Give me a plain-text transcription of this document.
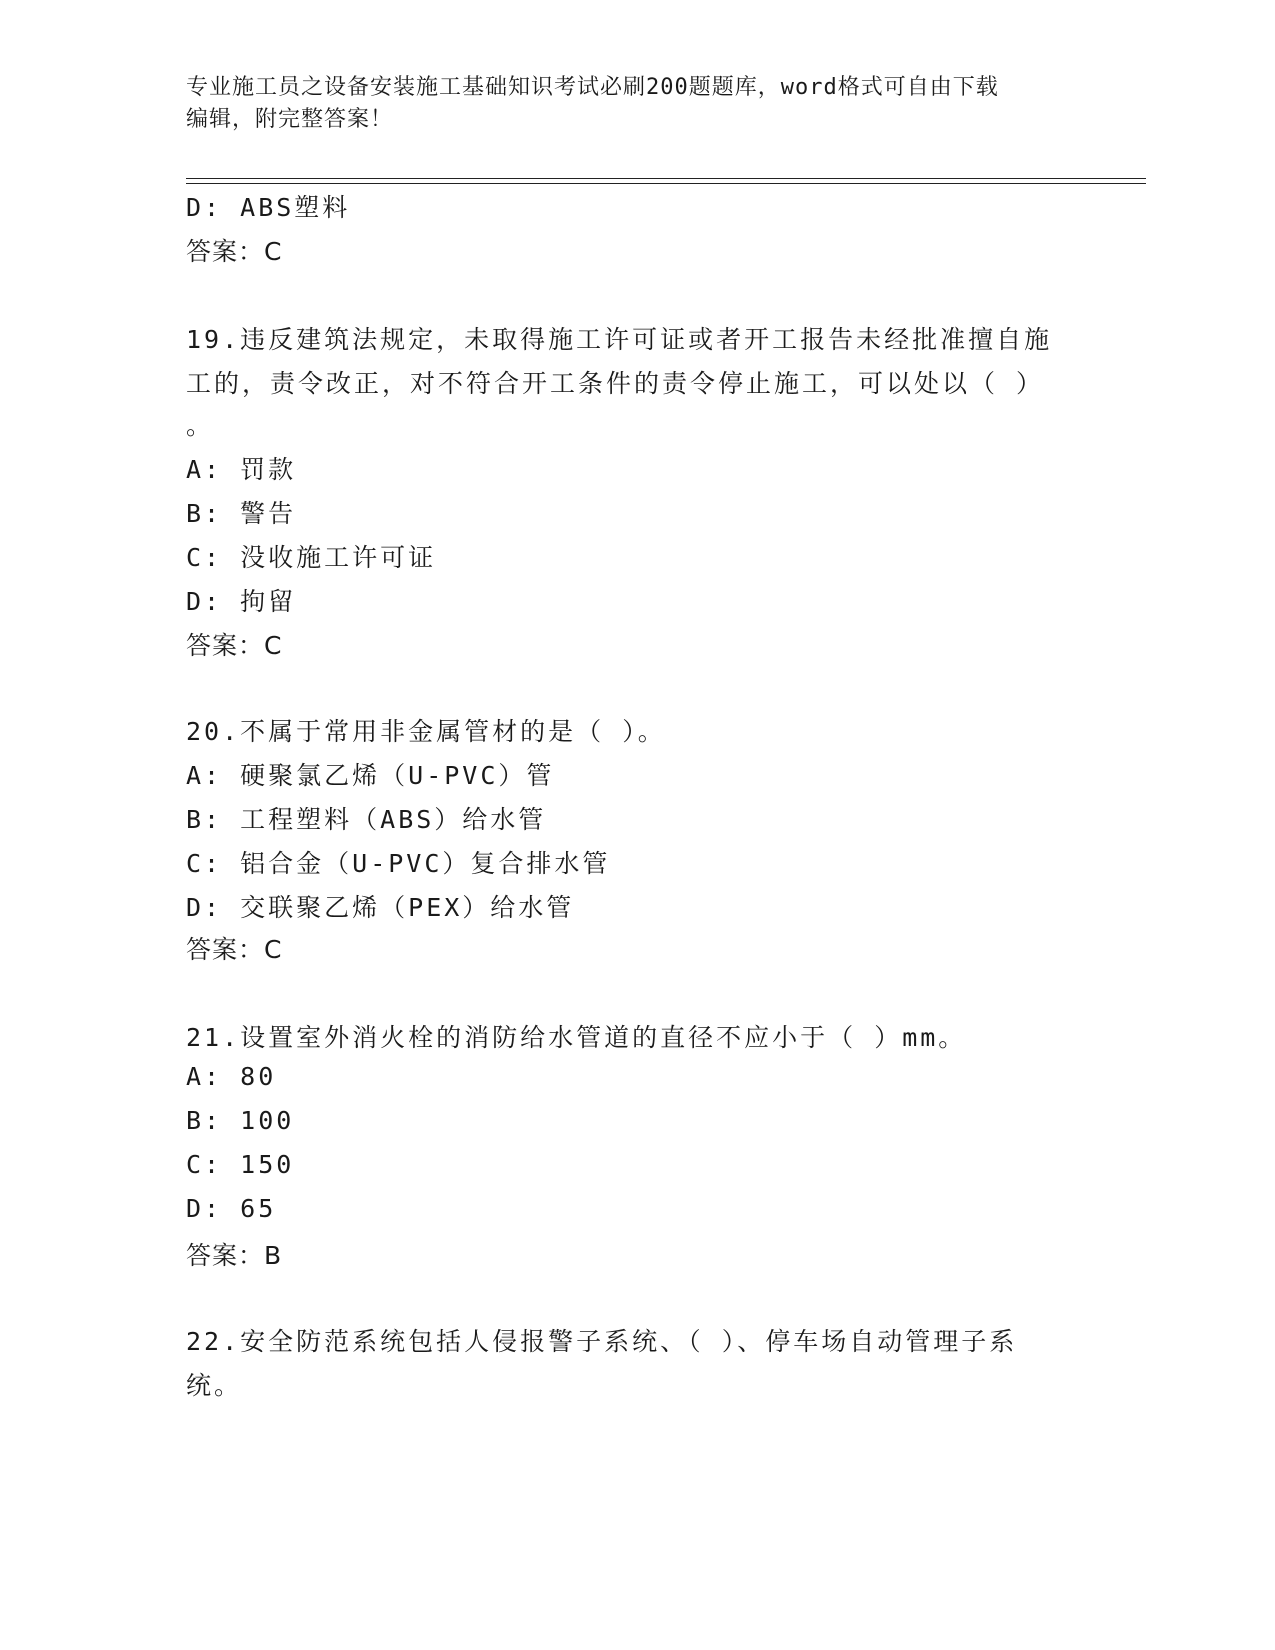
专业施工员之设备安装施工基础知识考试必刷200题题库，word格式可自由下载
编辑，附完整答案！
D: ABS塑料
答案：C
19.违反建筑法规定，未取得施工许可证或者开工报告未经批准擅自施
工的，责令改正，对不符合开工条件的责令停止施工，可以处以（ ）
。
A: 罚款
B: 警告
C: 没收施工许可证
D: 拘留
答案：C
20.不属于常用非金属管材的是（ ）。
A: 硬聚氯乙烯（U-PVC）管
B: 工程塑料（ABS）给水管
C: 铝合金（U-PVC）复合排水管
D: 交联聚乙烯（PEX）给水管
答案：C
21.设置室外消火栓的消防给水管道的直径不应小于（ ）mm。
A: 80
B: 100
C: 150
D: 65
答案：B
22.安全防范系统包括人侵报警子系统、（ ）、停车场自动管理子系
统。
